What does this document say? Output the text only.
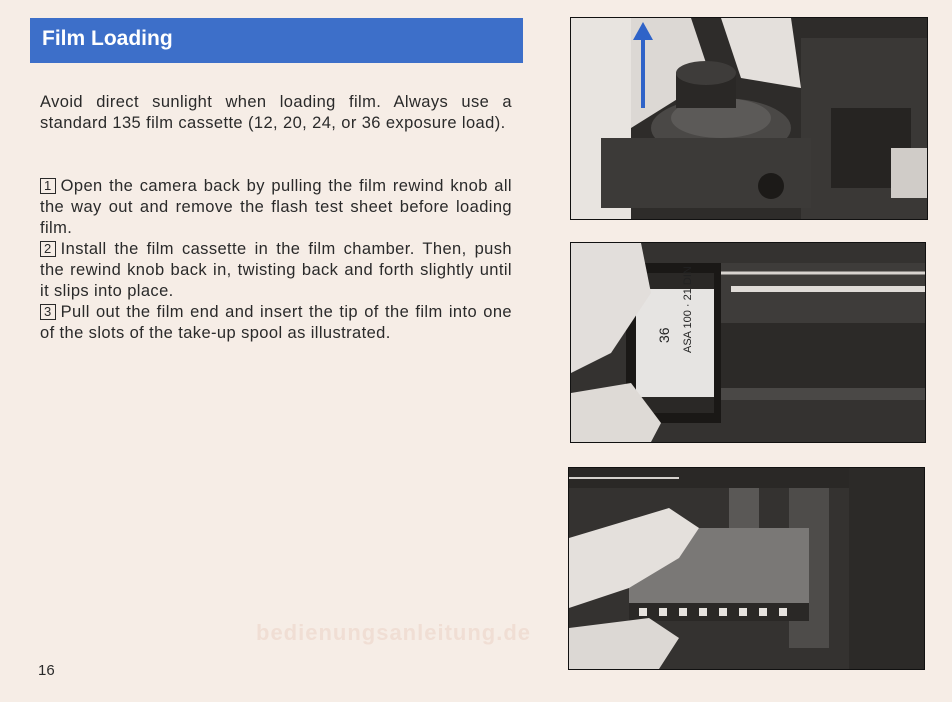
Film Loading
Avoid direct sunlight when loading film. Always use a standard 135 film cassette (12, 20, 24, or 36 exposure load).

1 Open the camera back by pulling the film rewind knob all the way out and remove the flash test sheet before loading film.

2 Install the film cassette in the film chamber. Then, push the rewind knob back in, twisting back and forth slightly until it slips into place.

3 Pull out the film end and insert the tip of the film into one of the slots of the take-up spool as illustrated.

bedienungsanleitung.de
16
ASA 100 · 21 DIN
36
